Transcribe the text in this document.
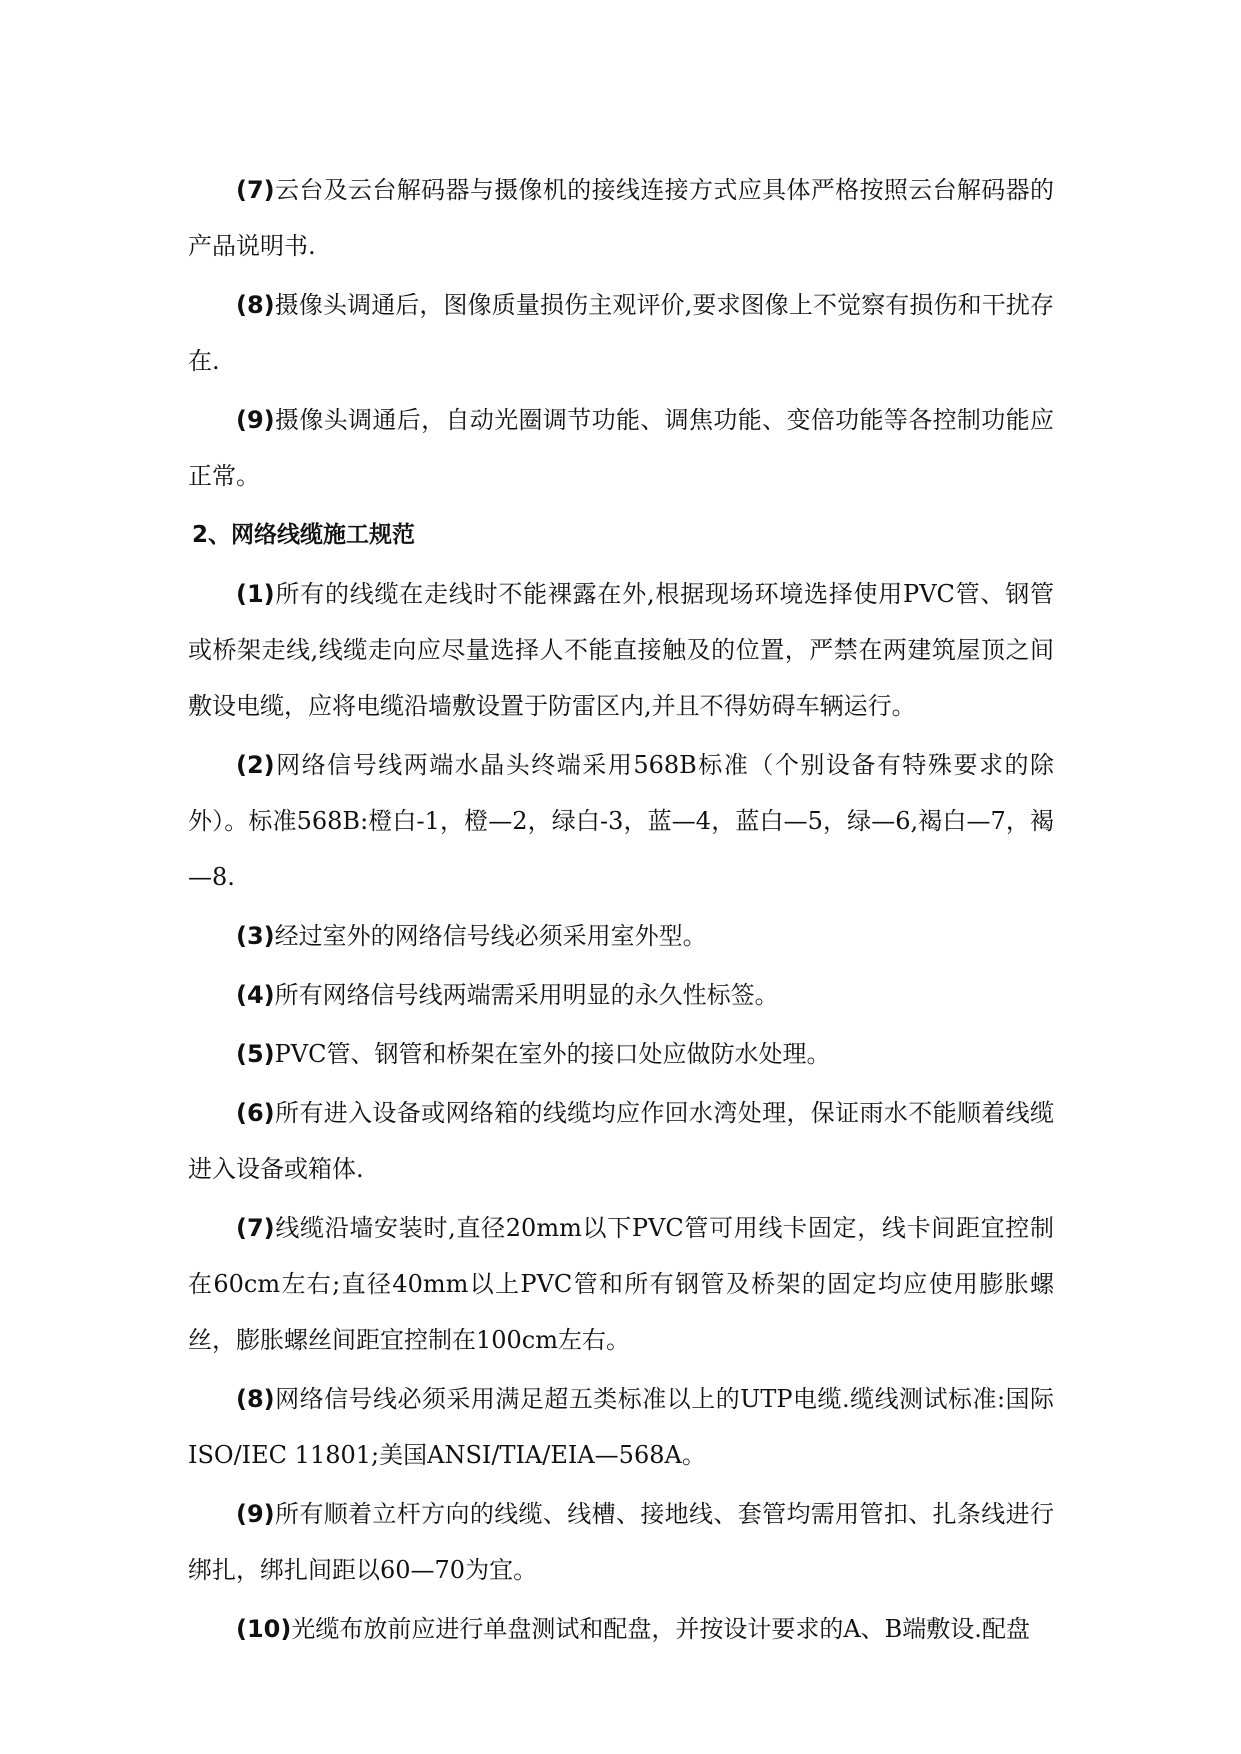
(7)云台及云台解码器与摄像机的接线连接方式应具体严格按照云台解码器的产品说明书.

(8)摄像头调通后，图像质量损伤主观评价,要求图像上不觉察有损伤和干扰存在.

(9)摄像头调通后，自动光圈调节功能、调焦功能、变倍功能等各控制功能应正常。

2、网络线缆施工规范

(1)所有的线缆在走线时不能裸露在外,根据现场环境选择使用PVC管、钢管或桥架走线,线缆走向应尽量选择人不能直接触及的位置，严禁在两建筑屋顶之间敷设电缆，应将电缆沿墙敷设置于防雷区内,并且不得妨碍车辆运行。

(2)网络信号线两端水晶头终端采用568B标准（个别设备有特殊要求的除外）。标准568B:橙白-1，橙—2，绿白-3，蓝—4，蓝白—5，绿—6,褐白—7，褐—8.

(3)经过室外的网络信号线必须采用室外型。

(4)所有网络信号线两端需采用明显的永久性标签。

(5)PVC管、钢管和桥架在室外的接口处应做防水处理。

(6)所有进入设备或网络箱的线缆均应作回水湾处理，保证雨水不能顺着线缆进入设备或箱体.

(7)线缆沿墙安装时,直径20mm以下PVC管可用线卡固定，线卡间距宜控制在60cm左右;直径40mm以上PVC管和所有钢管及桥架的固定均应使用膨胀螺丝，膨胀螺丝间距宜控制在100cm左右。

(8)网络信号线必须采用满足超五类标准以上的UTP电缆.缆线测试标准:国际ISO/IEC 11801;美国ANSI/TIA/EIA—568A。

(9)所有顺着立杆方向的线缆、线槽、接地线、套管均需用管扣、扎条线进行绑扎，绑扎间距以60—70为宜。

(10)光缆布放前应进行单盘测试和配盘，并按设计要求的A、B端敷设.配盘
